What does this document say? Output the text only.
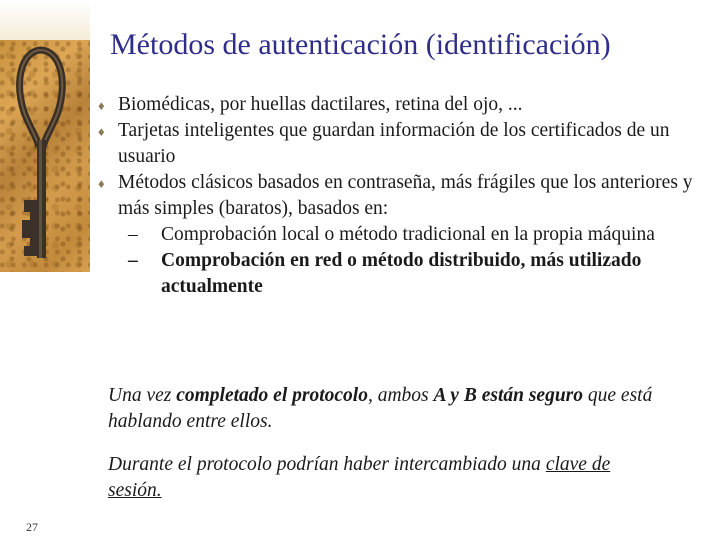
27
Métodos de autenticación (identificación)
♦ Biomédicas, por huellas dactilares, retina del ojo, ...
♦ Tarjetas inteligentes que guardan información de los certificados de un usuario
♦ Métodos clásicos basados en contraseña, más frágiles que los anteriores y más simples (baratos), basados en:
– Comprobación local o método tradicional en la propia máquina
– Comprobación en red o método distribuido, más utilizado actualmente
Una vez completado el protocolo, ambos A y B están seguro que está hablando entre ellos.
Durante el protocolo podrían haber intercambiado una clave de sesión.
